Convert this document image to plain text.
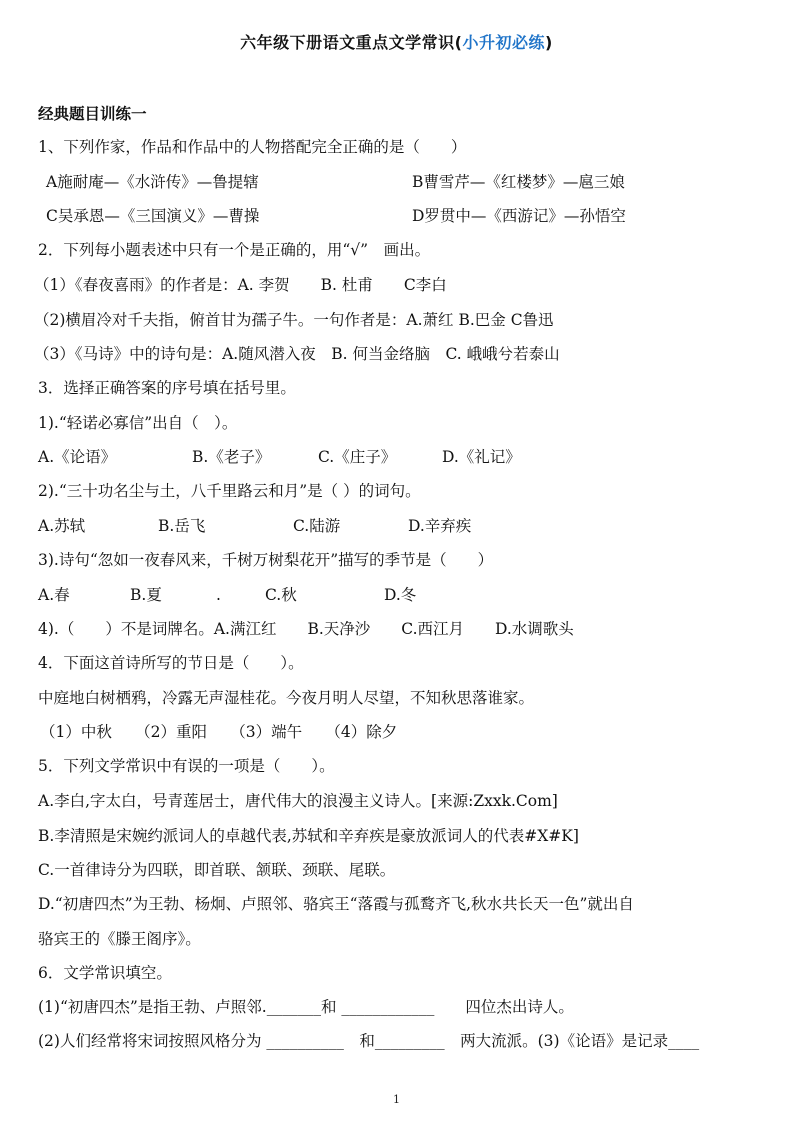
六年级下册语文重点文学常识(小升初必练)
经典题目训练一
1、下列作家，作品和作品中的人物搭配完全正确的是（　　）
A施耐庵—《水浒传》—鲁提辖	B曹雪芹—《红楼梦》—扈三娘
C吴承恩—《三国演义》—曹操	D罗贯中—《西游记》—孙悟空
2．下列每小题表述中只有一个是正确的，用“√”　画出。
（1）《春夜喜雨》的作者是：A. 李贺　　B. 杜甫　　C李白
（2)横眉冷对千夫指，俯首甘为孺子牛。一句作者是：A.萧红 B.巴金 C鲁迅
（3）《马诗》中的诗句是：A.随风潜入夜　B. 何当金络脑　C. 峨峨兮若泰山
3．选择正确答案的序号填在括号里。
1).“轻诺必寡信”出自（　）。
A.《论语》	B.《老子》	C.《庄子》	D.《礼记》
2).“三十功名尘与土，八千里路云和月”是（ ）的词句。
A.苏轼	B.岳飞	C.陆游	D.辛弃疾
3).诗句“忽如一夜春风来，千树万树梨花开”描写的季节是（　　）
A.春	B.夏	.	C.秋	D.冬
4).（　　）不是词牌名。A.满江红　　B.天净沙　　C.西江月　　D.水调歌头
4．下面这首诗所写的节日是（　　）。
中庭地白树栖鸦，冷露无声湿桂花。今夜月明人尽望，不知秋思落谁家。
（1）中秋　　（2）重阳　　（3）端午　　（4）除夕
5．下列文学常识中有误的一项是（　　）。
A.李白,字太白，号青莲居士，唐代伟大的浪漫主义诗人。[来源:Zxxk.Com]
B.李清照是宋婉约派词人的卓越代表,苏轼和辛弃疾是豪放派词人的代表#X#K]
C.一首律诗分为四联，即首联、颔联、颈联、尾联。
D.“初唐四杰”为王勃、杨炯、卢照邻、骆宾王“落霞与孤鹜齐飞,秋水共长天一色”就出自
骆宾王的《滕王阁序》。
6．文学常识填空。
(1)“初唐四杰”是指王勃、卢照邻._______和 ____________　　四位杰出诗人。
(2)人们经常将宋词按照风格分为 __________　和_________　两大流派。(3)《论语》是记录____
1
